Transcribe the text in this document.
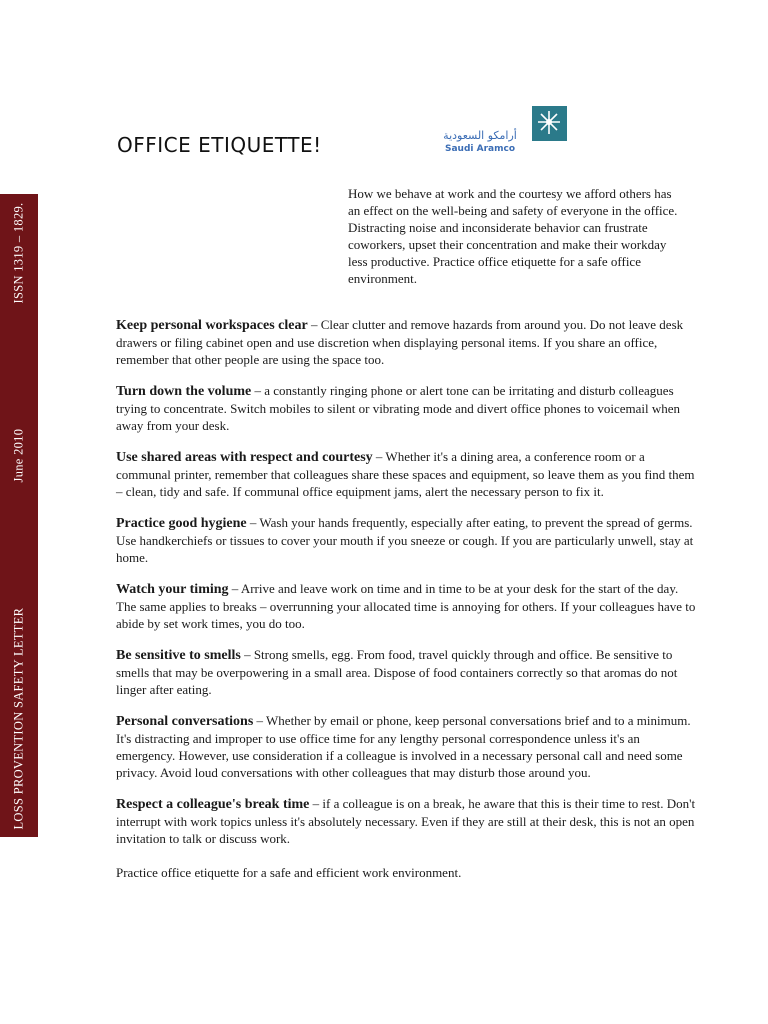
LOSS PROVENTION SAFETY LETTER
June 2010
ISSN 1319 – 1829.
OFFICE ETIQUETTE!	أرامكو السعودية
Saudi Aramco

How we behave at work and the courtesy we afford others has an effect on the well-being and safety of everyone in the office. Distracting noise and inconsiderate behavior can frustrate coworkers, upset their concentration and make their workday less productive. Practice office etiquette for a safe office environment.

Keep personal workspaces clear – Clear clutter and remove hazards from around you. Do not leave desk drawers or filing cabinet open and use discretion when displaying personal items. If you share an office, remember that other people are using the space too.

Turn down the volume – a constantly ringing phone or alert tone can be irritating and disturb colleagues trying to concentrate. Switch mobiles to silent or vibrating mode and divert office phones to voicemail when away from your desk.

Use shared areas with respect and courtesy – Whether it's a dining area, a conference room or a communal printer, remember that colleagues share these spaces and equipment, so leave them as you find them – clean, tidy and safe. If communal office equipment jams, alert the necessary person to fix it.

Practice good hygiene – Wash your hands frequently, especially after eating, to prevent the spread of germs. Use handkerchiefs or tissues to cover your mouth if you sneeze or cough. If you are particularly unwell, stay at home.

Watch your timing – Arrive and leave work on time and in time to be at your desk for the start of the day. The same applies to breaks – overrunning your allocated time is annoying for others. If your colleagues have to abide by set work times, you do too.

Be sensitive to smells – Strong smells, egg. From food, travel quickly through and office. Be sensitive to smells that may be overpowering in a small area. Dispose of food containers correctly so that aromas do not linger after eating.

Personal conversations – Whether by email or phone, keep personal conversations brief and to a minimum. It's distracting and improper to use office time for any lengthy personal correspondence unless it's an emergency. However, use consideration if a colleague is involved in a necessary personal call and need some privacy. Avoid loud conversations with other colleagues that may disturb those around you.

Respect a colleague's break time – if a colleague is on a break, he aware that this is their time to rest. Don't interrupt with work topics unless it's absolutely necessary. Even if they are still at their desk, this is not an open invitation to talk or discuss work.

Practice office etiquette for a safe and efficient work environment.
